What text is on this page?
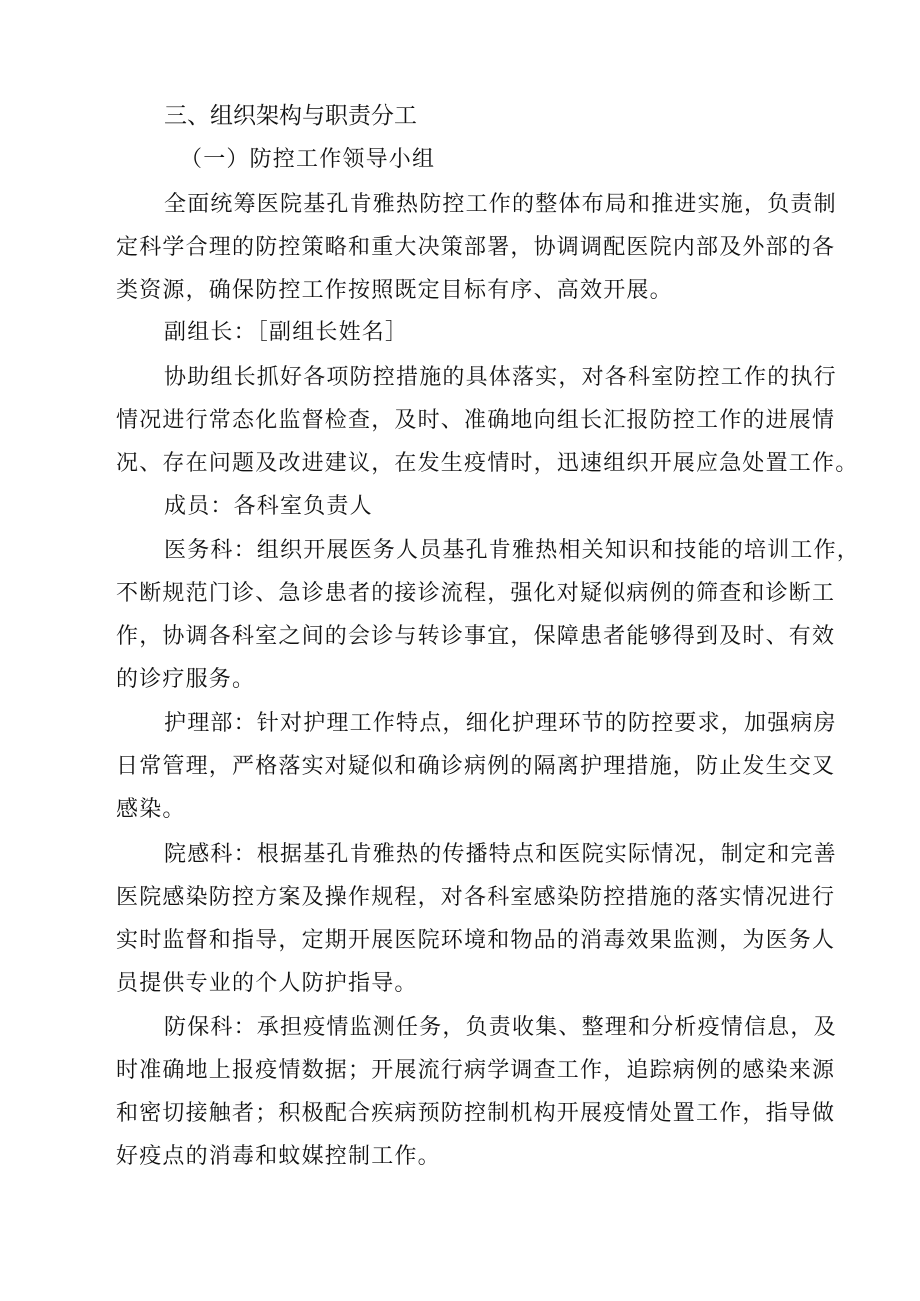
三、组织架构与职责分工
（一）防控工作领导小组
全面统筹医院基孔肯雅热防控工作的整体布局和推进实施，负责制
定科学合理的防控策略和重大决策部署，协调调配医院内部及外部的各
类资源，确保防控工作按照既定目标有序、高效开展。
副组长：［副组长姓名］
协助组长抓好各项防控措施的具体落实，对各科室防控工作的执行
情况进行常态化监督检查，及时、准确地向组长汇报防控工作的进展情
况、存在问题及改进建议，在发生疫情时，迅速组织开展应急处置工作。
成员：各科室负责人
医务科：组织开展医务人员基孔肯雅热相关知识和技能的培训工作，
不断规范门诊、急诊患者的接诊流程，强化对疑似病例的筛查和诊断工
作，协调各科室之间的会诊与转诊事宜，保障患者能够得到及时、有效
的诊疗服务。
护理部：针对护理工作特点，细化护理环节的防控要求，加强病房
日常管理，严格落实对疑似和确诊病例的隔离护理措施，防止发生交叉
感染。
院感科：根据基孔肯雅热的传播特点和医院实际情况，制定和完善
医院感染防控方案及操作规程，对各科室感染防控措施的落实情况进行
实时监督和指导，定期开展医院环境和物品的消毒效果监测，为医务人
员提供专业的个人防护指导。
防保科：承担疫情监测任务，负责收集、整理和分析疫情信息，及
时准确地上报疫情数据；开展流行病学调查工作，追踪病例的感染来源
和密切接触者；积极配合疾病预防控制机构开展疫情处置工作，指导做
好疫点的消毒和蚊媒控制工作。
